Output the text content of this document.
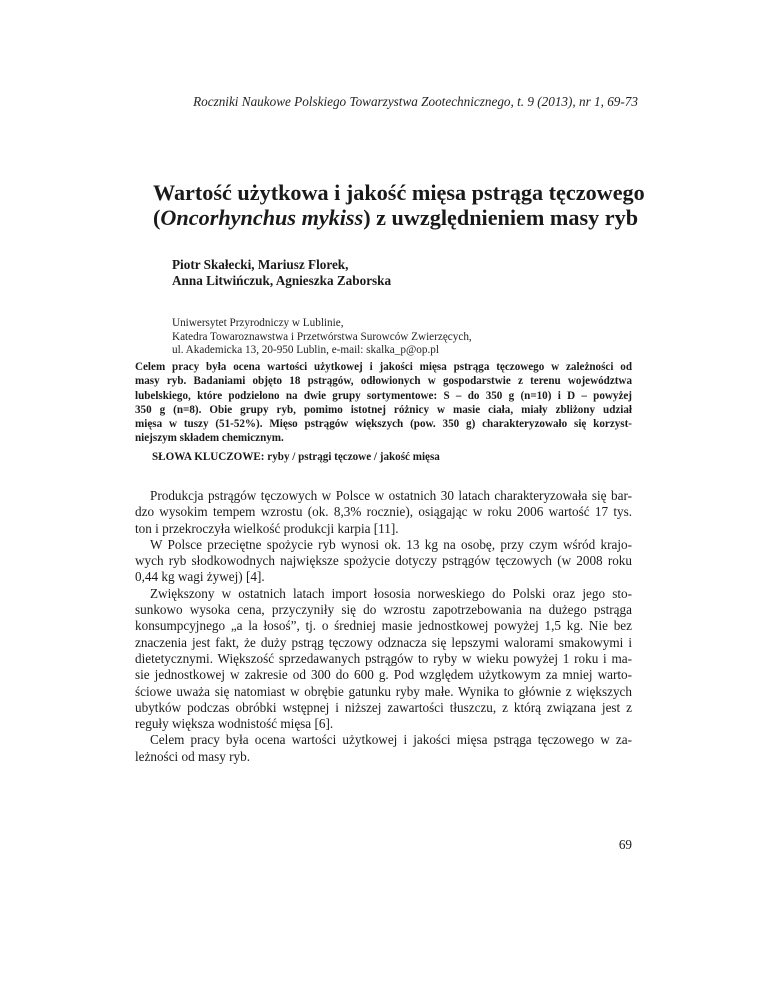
Roczniki Naukowe Polskiego Towarzystwa Zootechnicznego, t. 9 (2013), nr 1, 69-73
Wartość użytkowa i jakość mięsa pstrąga tęczowego
(Oncorhynchus mykiss) z uwzględnieniem masy ryb
Piotr Skałecki, Mariusz Florek,
Anna Litwińczuk, Agnieszka Zaborska
Uniwersytet Przyrodniczy w Lublinie,
Katedra Towaroznawstwa i Przetwórstwa Surowców Zwierzęcych,
ul. Akademicka 13, 20-950 Lublin, e-mail: skalka_p@op.pl
Celem pracy była ocena wartości użytkowej i jakości mięsa pstrąga tęczowego w zależności od
masy ryb. Badaniami objęto 18 pstrągów, odłowionych w gospodarstwie z terenu województwa
lubelskiego, które podzielono na dwie grupy sortymentowe: S – do 350 g (n=10) i D – powyżej
350 g (n=8). Obie grupy ryb, pomimo istotnej różnicy w masie ciała, miały zbliżony udział
mięsa w tuszy (51-52%). Mięso pstrągów większych (pow. 350 g) charakteryzowało się korzyst-
niejszym składem chemicznym.
SŁOWA KLUCZOWE: ryby / pstrągi tęczowe / jakość mięsa
Produkcja pstrągów tęczowych w Polsce w ostatnich 30 latach charakteryzowała się bar-
dzo wysokim tempem wzrostu (ok. 8,3% rocznie), osiągając w roku 2006 wartość 17 tys.
ton i przekroczyła wielkość produkcji karpia [11].
W Polsce przeciętne spożycie ryb wynosi ok. 13 kg na osobę, przy czym wśród krajo-
wych ryb słodkowodnych największe spożycie dotyczy pstrągów tęczowych (w 2008 roku
0,44 kg wagi żywej) [4].
Zwiększony w ostatnich latach import łososia norweskiego do Polski oraz jego sto-
sunkowo wysoka cena, przyczyniły się do wzrostu zapotrzebowania na dużego pstrąga
konsumpcyjnego „a la łosoś”, tj. o średniej masie jednostkowej powyżej 1,5 kg. Nie bez
znaczenia jest fakt, że duży pstrąg tęczowy odznacza się lepszymi walorami smakowymi i
dietetycznymi. Większość sprzedawanych pstrągów to ryby w wieku powyżej 1 roku i ma-
sie jednostkowej w zakresie od 300 do 600 g. Pod względem użytkowym za mniej warto-
ściowe uważa się natomiast w obrębie gatunku ryby małe. Wynika to głównie z większych
ubytków podczas obróbki wstępnej i niższej zawartości tłuszczu, z którą związana jest z
reguły większa wodnistość mięsa [6].
Celem pracy była ocena wartości użytkowej i jakości mięsa pstrąga tęczowego w za-
leżności od masy ryb.
69
